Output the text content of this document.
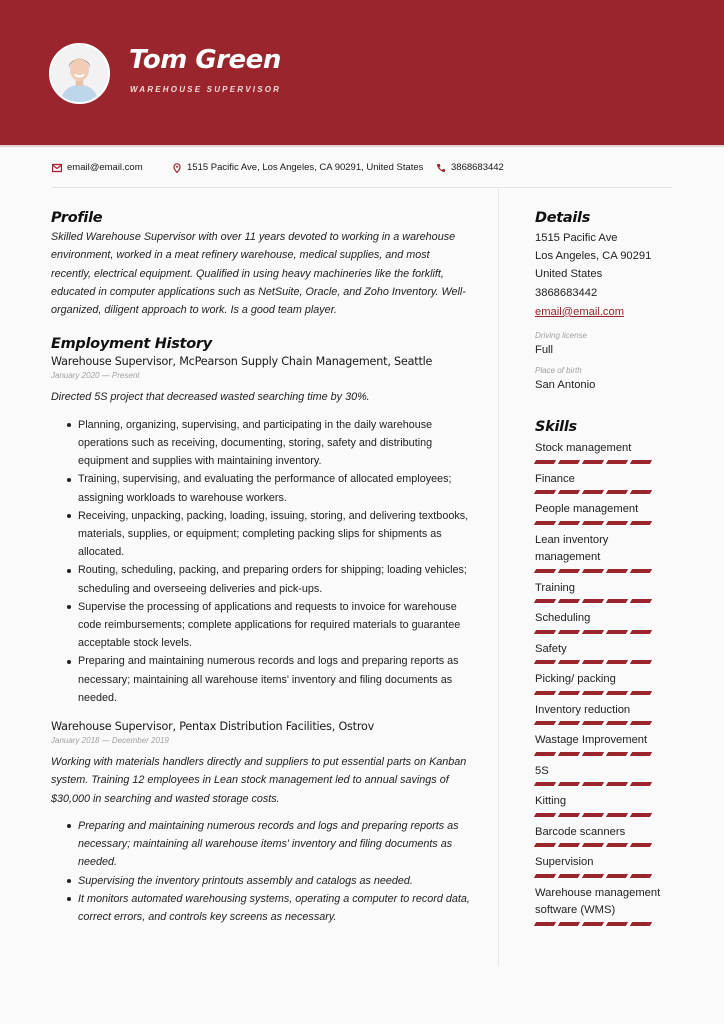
Tom Green
WAREHOUSE SUPERVISOR
email@email.com	1515 Pacific Ave, Los Angeles, CA 90291, United States	3868683442
Profile

Skilled Warehouse Supervisor with over 11 years devoted to working in a warehouse environment, worked in a meat refinery warehouse, medical supplies, and most recently, electrical equipment. Qualified in using heavy machineries like the forklift, educated in computer applications such as NetSuite, Oracle, and Zoho Inventory. Well-organized, diligent approach to work. Is a good team player.

Employment History
Warehouse Supervisor, McPearson Supply Chain Management, Seattle
January 2020 — Present

Directed 5S project that decreased wasted searching time by 30%.

Planning, organizing, supervising, and participating in the daily warehouse operations such as receiving, documenting, storing, safety and distributing equipment and supplies with maintaining inventory.
Training, supervising, and evaluating the performance of allocated employees; assigning workloads to warehouse workers.
Receiving, unpacking, packing, loading, issuing, storing, and delivering textbooks, materials, supplies, or equipment; completing packing slips for shipments as allocated.
Routing, scheduling, packing, and preparing orders for shipping; loading vehicles; scheduling and overseeing deliveries and pick-ups.
Supervise the processing of applications and requests to invoice for warehouse code reimbursements; complete applications for required materials to guarantee acceptable stock levels.
Preparing and maintaining numerous records and logs and preparing reports as necessary; maintaining all warehouse items' inventory and filing documents as needed.
Warehouse Supervisor, Pentax Distribution Facilities, Ostrov
January 2018 — December 2019

Working with materials handlers directly and suppliers to put essential parts on Kanban system. Training 12 employees in Lean stock management led to annual savings of $30,000 in searching and wasted storage costs.

Preparing and maintaining numerous records and logs and preparing reports as necessary; maintaining all warehouse items' inventory and filing documents as needed.
Supervising the inventory printouts assembly and catalogs as needed.
It monitors automated warehousing systems, operating a computer to record data, correct errors, and controls key screens as necessary.
Details
1515 Pacific Ave
Los Angeles, CA 90291
United States
3868683442
email@email.com
Driving license
Full
Place of birth
San Antonio
Skills
Stock management
Finance
People management
Lean inventory management
Training
Scheduling
Safety
Picking/ packing
Inventory reduction
Wastage Improvement
5S
Kitting
Barcode scanners
Supervision
Warehouse management software (WMS)
